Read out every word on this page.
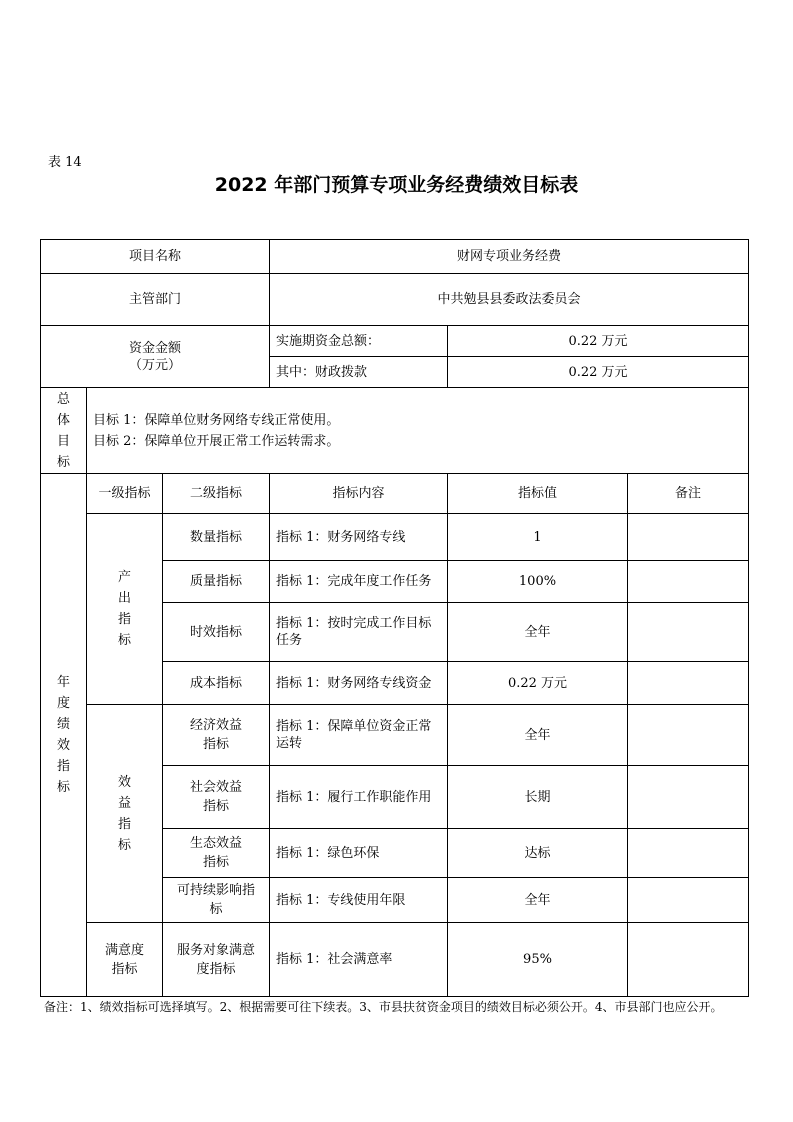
表 14
2022 年部门预算专项业务经费绩效目标表
项目名称			财网专项业务经费		
主管部门			中共勉县县委政法委员会		

资金金额
（万元）			实施期资金总额：	0.22 万元	
			其中：财政拨款	0.22 万元	
总体目标	目标 1：保障单位财务网络专线正常使用。
目标 2：保障单位开展正常工作运转需求。				

年度绩效指标	一级指标	二级指标	指标内容	指标值	备注
	产出指标	数量指标	指标 1：财务网络专线	1	
		质量指标	指标 1：完成年度工作任务	100%	
		时效指标	指标 1：按时完成工作目标任务	全年	
		成本指标	指标 1：财务网络专线资金	0.22 万元	
	效益指标	经济效益指标	指标 1：保障单位资金正常运转	全年	
		社会效益指标	指标 1：履行工作职能作用	长期	
		生态效益指标	指标 1：绿色环保	达标	
		可持续影响指标	指标 1：专线使用年限	全年	
	满意度指标	服务对象满意度指标	指标 1：社会满意率	95%	
备注：1、绩效指标可选择填写。2、根据需要可往下续表。3、市县扶贫资金项目的绩效目标必须公开。4、市县部门也应公开。
